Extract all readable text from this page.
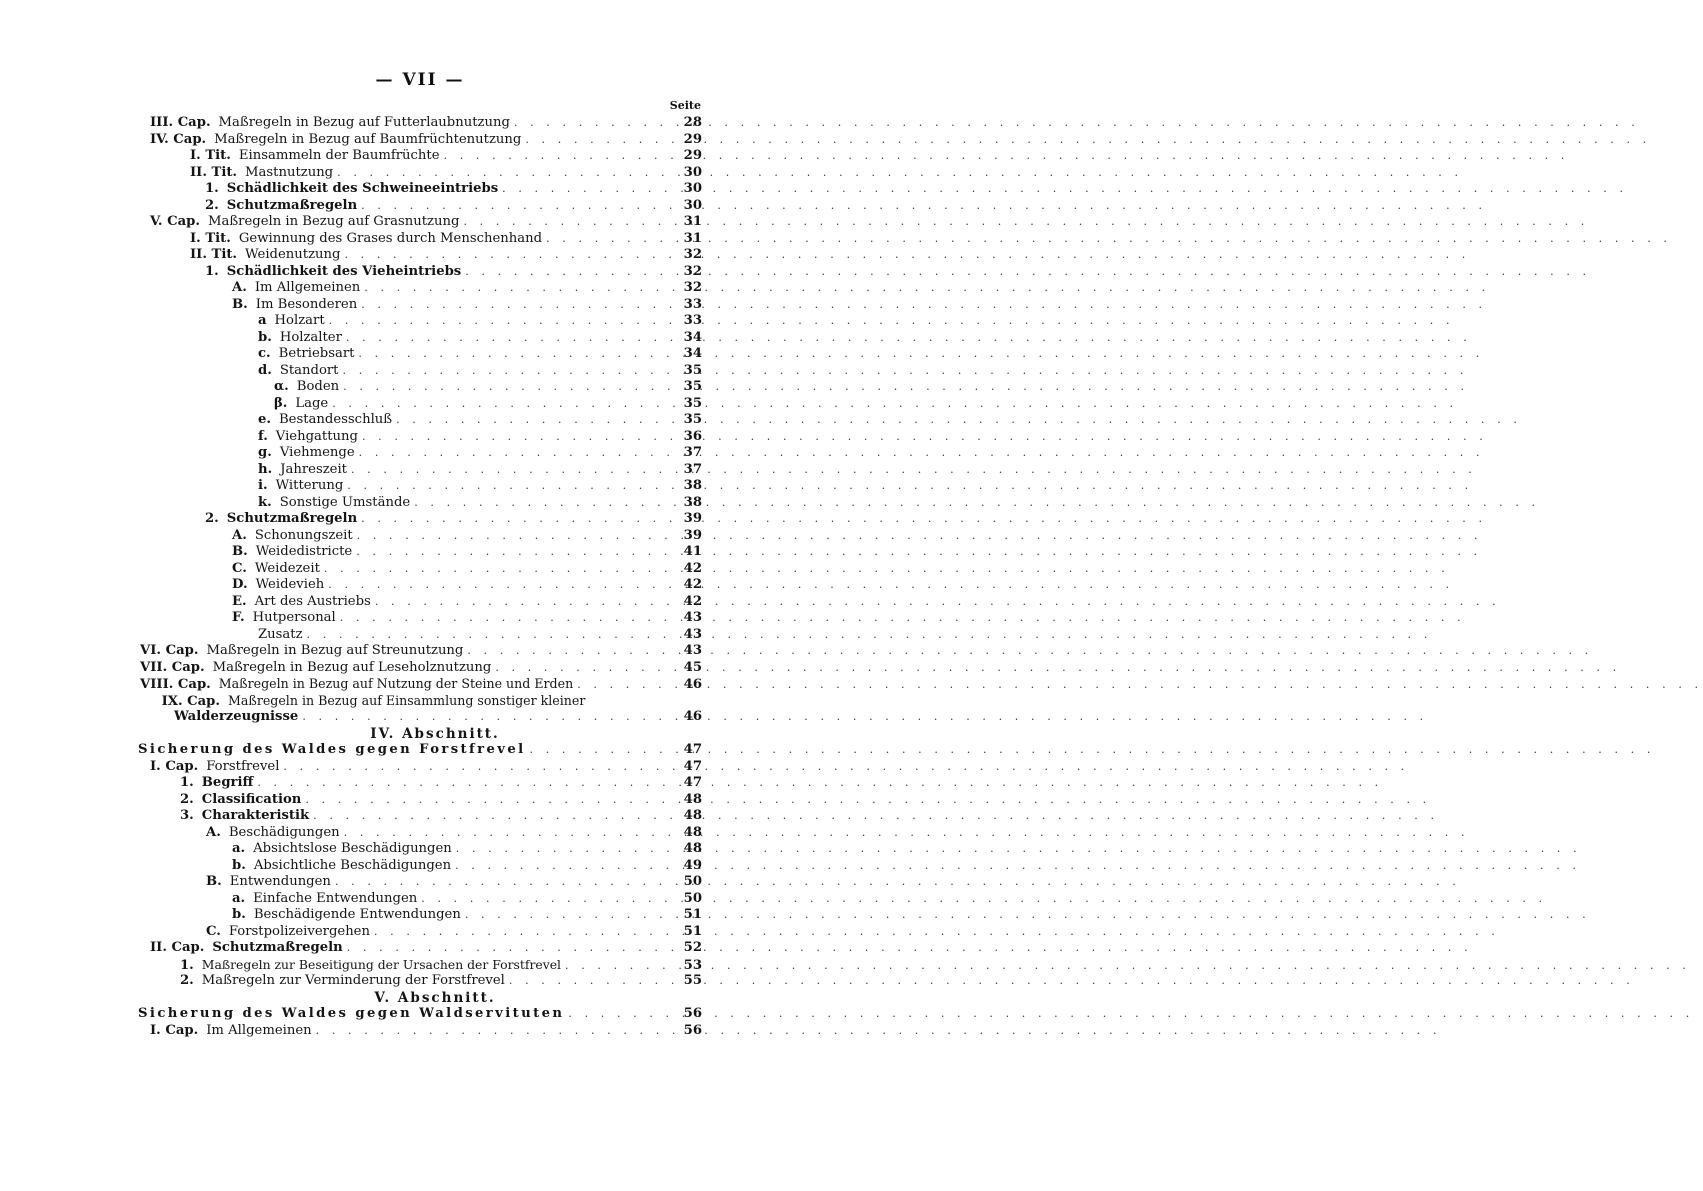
— VII —
Seite
III. Cap. Maßregeln in Bezug auf Futterlaubnutzung . . .	28
IV. Cap. Maßregeln in Bezug auf Baumfrüchtenutzung . . .	29
I. Tit. Einsammeln der Baumfrüchte . . .	29
II. Tit. Mastnutzung . . .	30
1. Schädlichkeit des Schweineeintriebs . . .	30
2. Schutzmaßregeln . . .	30
V. Cap. Maßregeln in Bezug auf Grasnutzung . . .	31
I. Tit. Gewinnung des Grases durch Menschenhand . . .	31
II. Tit. Weidenutzung . . .	32
1. Schädlichkeit des Vieheintriebs . . .	32
A. Im Allgemeinen . . .	32
B. Im Besonderen . . .	33
a Holzart . . .	33
b. Holzalter . . .	34
c. Betriebsart . . .	34
d. Standort . . .	35
α. Boden . . .	35
β. Lage . . .	35
e. Bestandesschluß . . .	35
f. Viehgattung . . .	36
g. Viehmenge . . .	37
h. Jahreszeit . . .	37
i. Witterung . . .	38
k. Sonstige Umstände . . .	38
2. Schutzmaßregeln . . .	39
A. Schonungszeit . . .	39
B. Weidedistricte . . .	41
C. Weidezeit . . .	42
D. Weidevieh . . .	42
E. Art des Austriebs . . .	42
F. Hutpersonal . . .	43
Zusatz . . .	43
VI. Cap. Maßregeln in Bezug auf Streunutzung . . .	43
VII. Cap. Maßregeln in Bezug auf Leseholznutzung . . .	45
VIII. Cap. Maßregeln in Bezug auf Nutzung der Steine und Erden . . .	46
IX. Cap. Maßregeln in Bezug auf Einsammlung sonstiger kleiner
Walderzeugnisse . . .	46
IV. Abschnitt.
Sicherung des Waldes gegen Forstfrevel . . .	47
I. Cap. Forstfrevel . . .	47
1. Begriff . . .	47
2. Classification . . .	48
3. Charakteristik . . .	48
A. Beschädigungen . . .	48
a. Absichtslose Beschädigungen . . .	48
b. Absichtliche Beschädigungen . . .	49
B. Entwendungen . . .	50
a. Einfache Entwendungen . . .	50
b. Beschädigende Entwendungen . . .	51
C. Forstpolizeivergehen . . .	51
II. Cap. Schutzmaßregeln . . .	52
1. Maßregeln zur Beseitigung der Ursachen der Forstfrevel . . .	53
2. Maßregeln zur Verminderung der Forstfrevel . . .	55
V. Abschnitt.
Sicherung des Waldes gegen Waldservituten . . .	56
I. Cap. Im Allgemeinen . . .	56
